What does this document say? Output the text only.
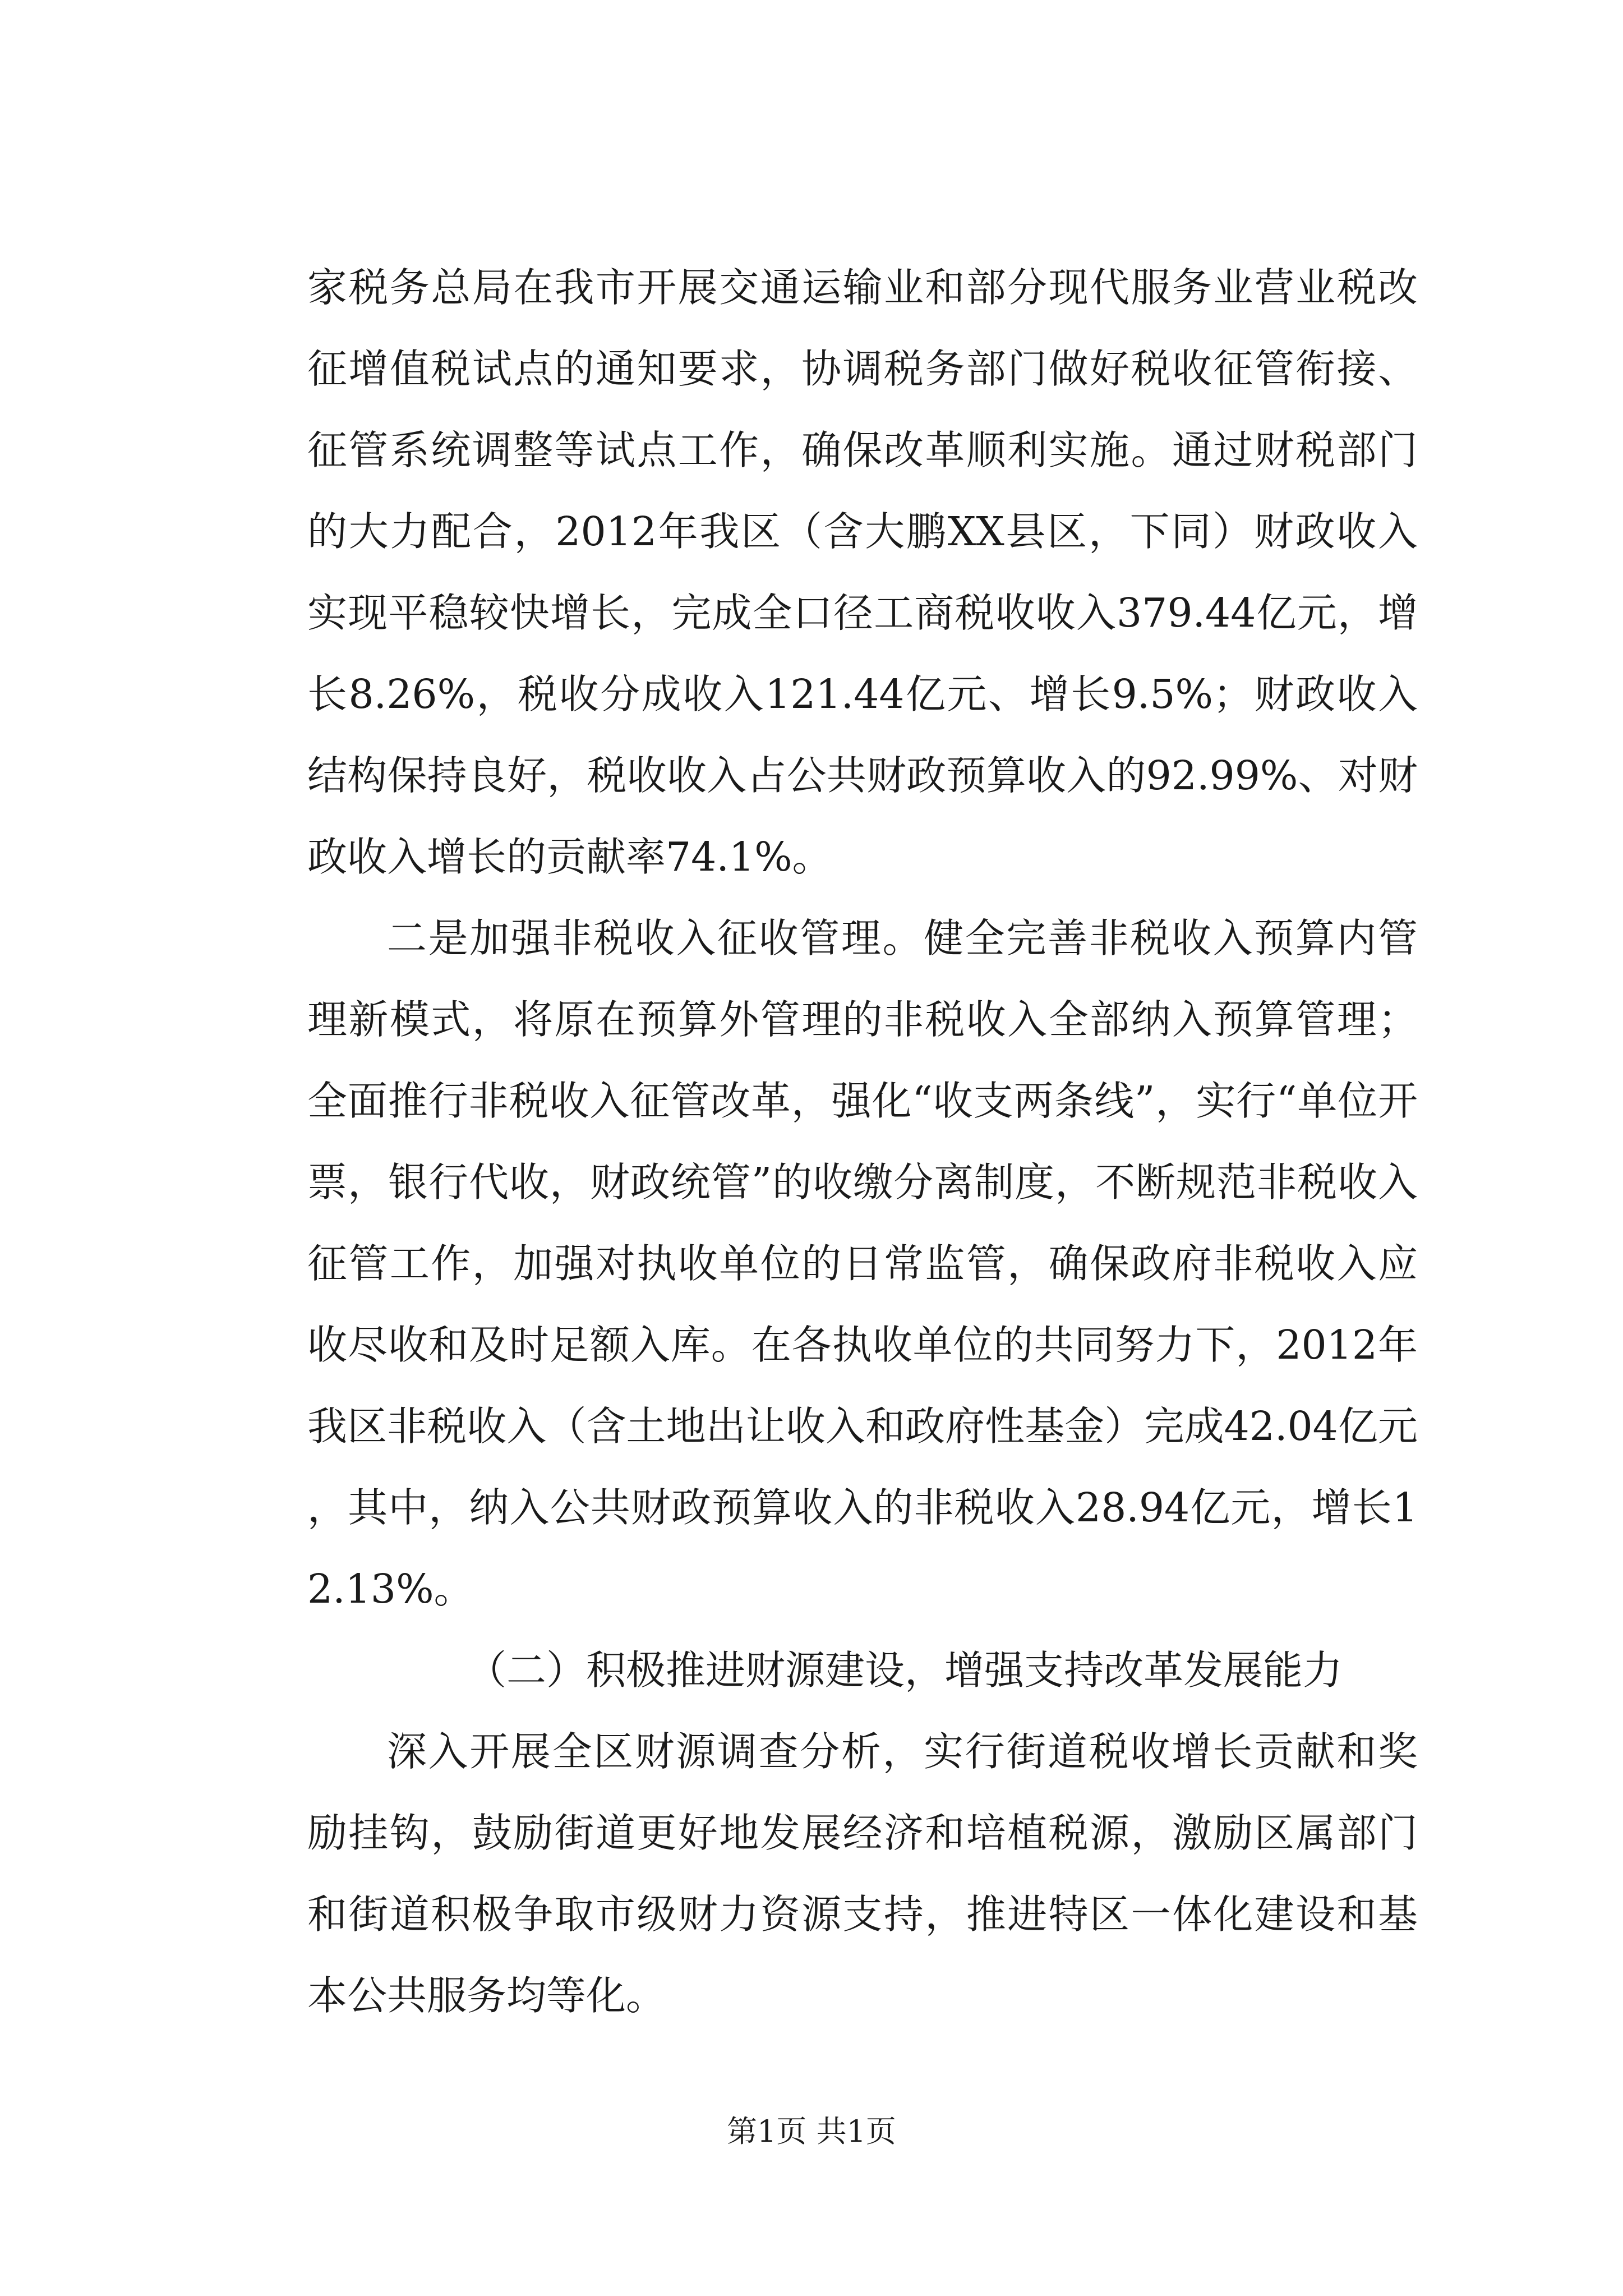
家税务总局在我市开展交通运输业和部分现代服务业营业税改征增值税试点的通知要求，协调税务部门做好税收征管衔接、征管系统调整等试点工作，确保改革顺利实施。通过财税部门的大力配合，2012年我区（含大鹏XX县区，下同）财政收入实现平稳较快增长，完成全口径工商税收收入379.44亿元，增长8.26%，税收分成收入121.44亿元、增长9.5%；财政收入结构保持良好，税收收入占公共财政预算收入的92.99%、对财政收入增长的贡献率74.1%。

二是加强非税收入征收管理。健全完善非税收入预算内管理新模式，将原在预算外管理的非税收入全部纳入预算管理；全面推行非税收入征管改革，强化“收支两条线”，实行“单位开票，银行代收，财政统管”的收缴分离制度，不断规范非税收入征管工作，加强对执收单位的日常监管，确保政府非税收入应收尽收和及时足额入库。在各执收单位的共同努力下，2012年我区非税收入（含土地出让收入和政府性基金）完成42.04亿元，其中，纳入公共财政预算收入的非税收入28.94亿元，增长12.13%。

（二）积极推进财源建设，增强支持改革发展能力

深入开展全区财源调查分析，实行街道税收增长贡献和奖励挂钩，鼓励街道更好地发展经济和培植税源，激励区属部门和街道积极争取市级财力资源支持，推进特区一体化建设和基本公共服务均等化。

第1页 共1页
